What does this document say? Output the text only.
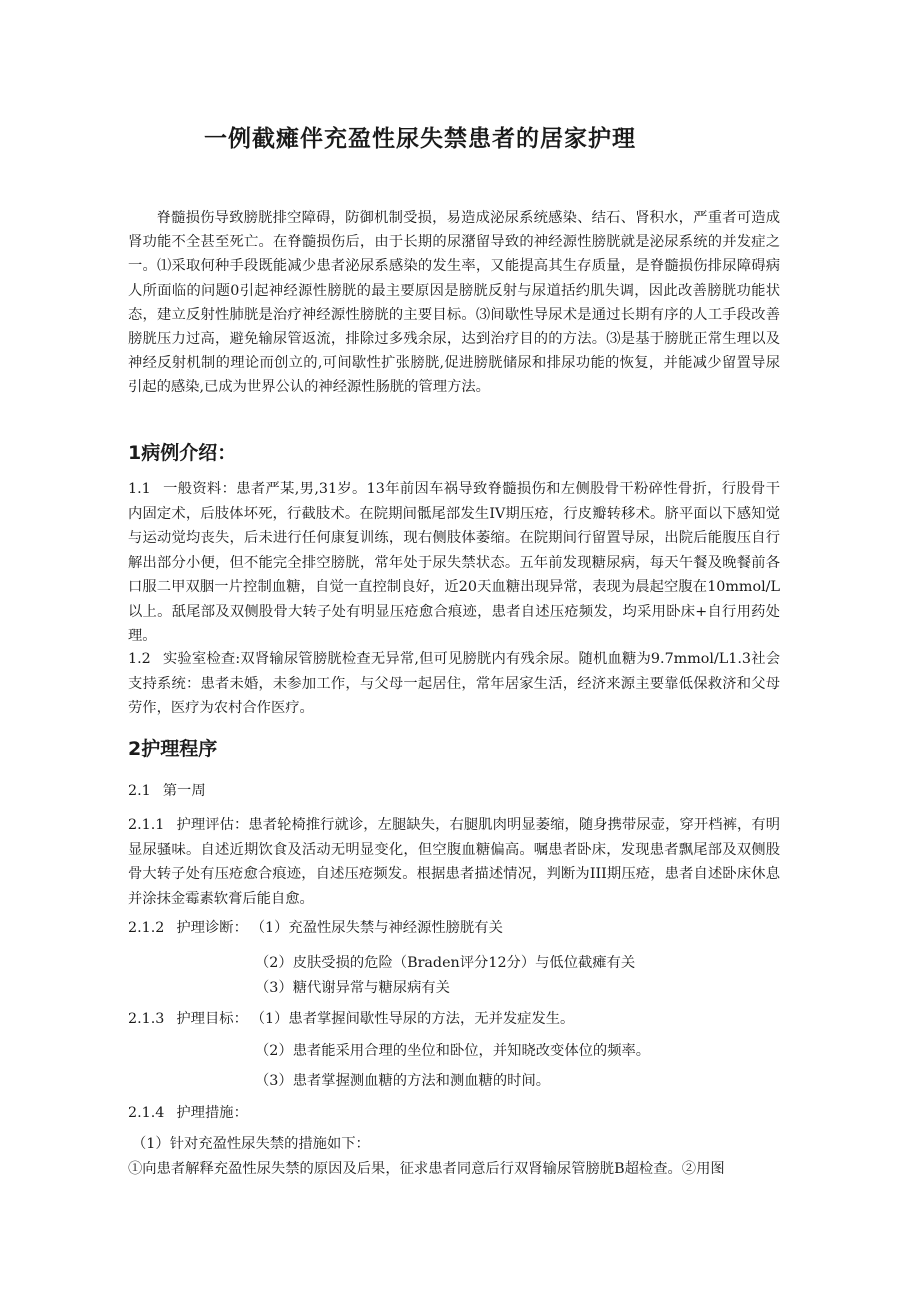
一例截瘫伴充盈性尿失禁患者的居家护理

脊髓损伤导致膀胱排空障碍，防御机制受损，易造成泌尿系统感染、结石、肾积水，严重者可造成肾功能不全甚至死亡。在脊髓损伤后，由于长期的尿潴留导致的神经源性膀胱就是泌尿系统的并发症之一。⑴采取何种手段既能减少患者泌尿系感染的发生率，又能提高其生存质量，是脊髓损伤排尿障碍病人所面临的问题0引起神经源性膀胱的最主要原因是膀胱反射与尿道括约肌失调，因此改善膀胱功能状态，建立反射性肺胱是治疗神经源性膀胱的主要目标。⑶间歇性导尿术是通过长期有序的人工手段改善膀胱压力过高，避免输尿管返流，排除过多残余尿，达到治疗目的的方法。⑶是基于膀胱正常生理以及神经反射机制的理论而创立的,可间歇性扩张膀胱,促进膀胱储尿和排尿功能的恢复，并能减少留置导尿引起的感染,已成为世界公认的神经源性肠胱的管理方法。

1病例介绍：

1.1 一般资料：患者严某,男,31岁。13年前因车祸导致脊髓损伤和左侧股骨干粉碎性骨折，行股骨干内固定术，后肢体坏死，行截肢术。在院期间骶尾部发生IV期压疮，行皮瓣转移术。脐平面以下感知觉与运动觉均丧失，后未进行任何康复训练，现右侧肢体萎缩。在院期间行留置导尿，出院后能腹压自行解出部分小便，但不能完全排空膀胱，常年处于尿失禁状态。五年前发现糖尿病，每天午餐及晚餐前各口服二甲双胭一片控制血糖，自觉一直控制良好，近20天血糖出现异常，表现为晨起空腹在10mmol/L以上。舐尾部及双侧股骨大转子处有明显压疮愈合痕迹，患者自述压疮频发，均采用卧床+自行用药处理。

1.2 实验室检查:双肾输尿管膀胱检查无异常,但可见膀胱内有残余尿。随机血糖为9.7mmol/L1.3社会支持系统：患者未婚，未参加工作，与父母一起居住，常年居家生活，经济来源主要靠低保救济和父母劳作，医疗为农村合作医疗。

2护理程序

2.1 第一周

2.1.1 护理评估：患者轮椅推行就诊，左腿缺失，右腿肌肉明显萎缩，随身携带尿壶，穿开档裤，有明显尿骚味。自述近期饮食及活动无明显变化，但空腹血糖偏高。嘱患者卧床，发现患者飘尾部及双侧股骨大转子处有压疮愈合痕迹，自述压疮频发。根据患者描述情况，判断为III期压疮，患者自述卧床休息并涂抹金霉素软膏后能自愈。

2.1.2 护理诊断： （1）充盈性尿失禁与神经源性膀胱有关

（2）皮肤受损的危险（Braden评分12分）与低位截瘫有关

（3）糖代谢异常与糖尿病有关

2.1.3 护理目标： （1）患者掌握间歇性导尿的方法，无并发症发生。

（2）患者能采用合理的坐位和卧位，并知晓改变体位的频率。

（3）患者掌握测血糖的方法和测血糖的时间。

2.1.4 护理措施：

（1）针对充盈性尿失禁的措施如下：

①向患者解释充盈性尿失禁的原因及后果，征求患者同意后行双肾输尿管膀胱B超检查。②用图
